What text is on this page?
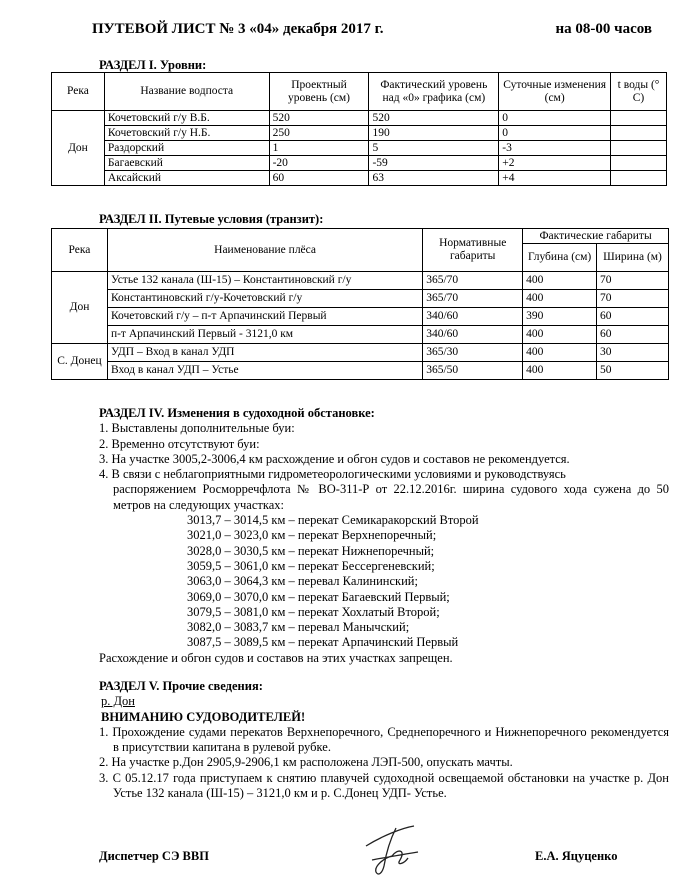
ПУТЕВОЙ ЛИСТ № 3 «04» декабря 2017 г.	на 08-00 часов
РАЗДЕЛ I. Уровни:
Река	Название водпоста	Проектный уровень (см)	Фактический уровень над «0» графика (см)	Суточные изменения (см)	t воды (° C)
Дон	Кочетовский г/у В.Б.	520	520	0	
	Кочетовский г/у Н.Б.	250	190	0	
	Раздорский	1	5	-3	
	Багаевский	-20	-59	+2	
	Аксайский	60	63	+4	
РАЗДЕЛ II. Путевые условия (транзит):
Река	Наименование плёса	Нормативные габариты	Фактические габариты	
			Глубина (см)	Ширина (м)
Дон	Устье 132 канала (Ш-15) – Константиновский г/у	365/70	400	70
	Константиновский г/у-Кочетовский г/у	365/70	400	70
	Кочетовский г/у – п-т Арпачинский Первый	340/60	390	60
	п-т Арпачинский Первый - 3121,0 км	340/60	400	60
С. Донец	УДП – Вход в канал УДП	365/30	400	30
	Вход в канал УДП – Устье	365/50	400	50
РАЗДЕЛ IV. Изменения в судоходной обстановке:

1. Выставлены дополнительные буи:

2. Временно отсутствуют буи:

3. На участке 3005,2-3006,4 км расхождение и обгон судов и составов не рекомендуется.

4. В связи с неблагоприятными гидрометеорологическими условиями и руководствуясь

распоряжением Росморречфлота № ВО-311-Р от 22.12.2016г. ширина судового хода сужена до 50 метров на следующих участках:

3013,7 – 3014,5 км – перекат Семикаракорский Второй
3021,0 – 3023,0 км – перекат Верхнепоречный;
3028,0 – 3030,5 км – перекат Нижнепоречный;
3059,5 – 3061,0 км – перекат Бессергеневский;
3063,0 – 3064,3 км – перевал Калининский;
3069,0 – 3070,0 км – перекат Багаевский Первый;
3079,5 – 3081,0 км – перекат Хохлатый Второй;
3082,0 – 3083,7 км – перевал Манычский;
3087,5 – 3089,5 км – перекат Арпачинский Первый

Расхождение и обгон судов и составов на этих участках запрещен.

РАЗДЕЛ V. Прочие сведения:
р. Дон
ВНИМАНИЮ СУДОВОДИТЕЛЕЙ!

1. Прохождение судами перекатов Верхнепоречного, Среднепоречного и Нижнепоречного рекомендуется в присутствии капитана в рулевой рубке.

2. На участке р.Дон 2905,9-2906,1 км расположена ЛЭП-500, опускать мачты.

3. С 05.12.17 года приступаем к снятию плавучей судоходной освещаемой обстановки на участке р. Дон Устье 132 канала (Ш-15) – 3121,0 км и р. С.Донец УДП- Устье.

Диспетчер СЭ ВВП	Е.А. Яцуценко
